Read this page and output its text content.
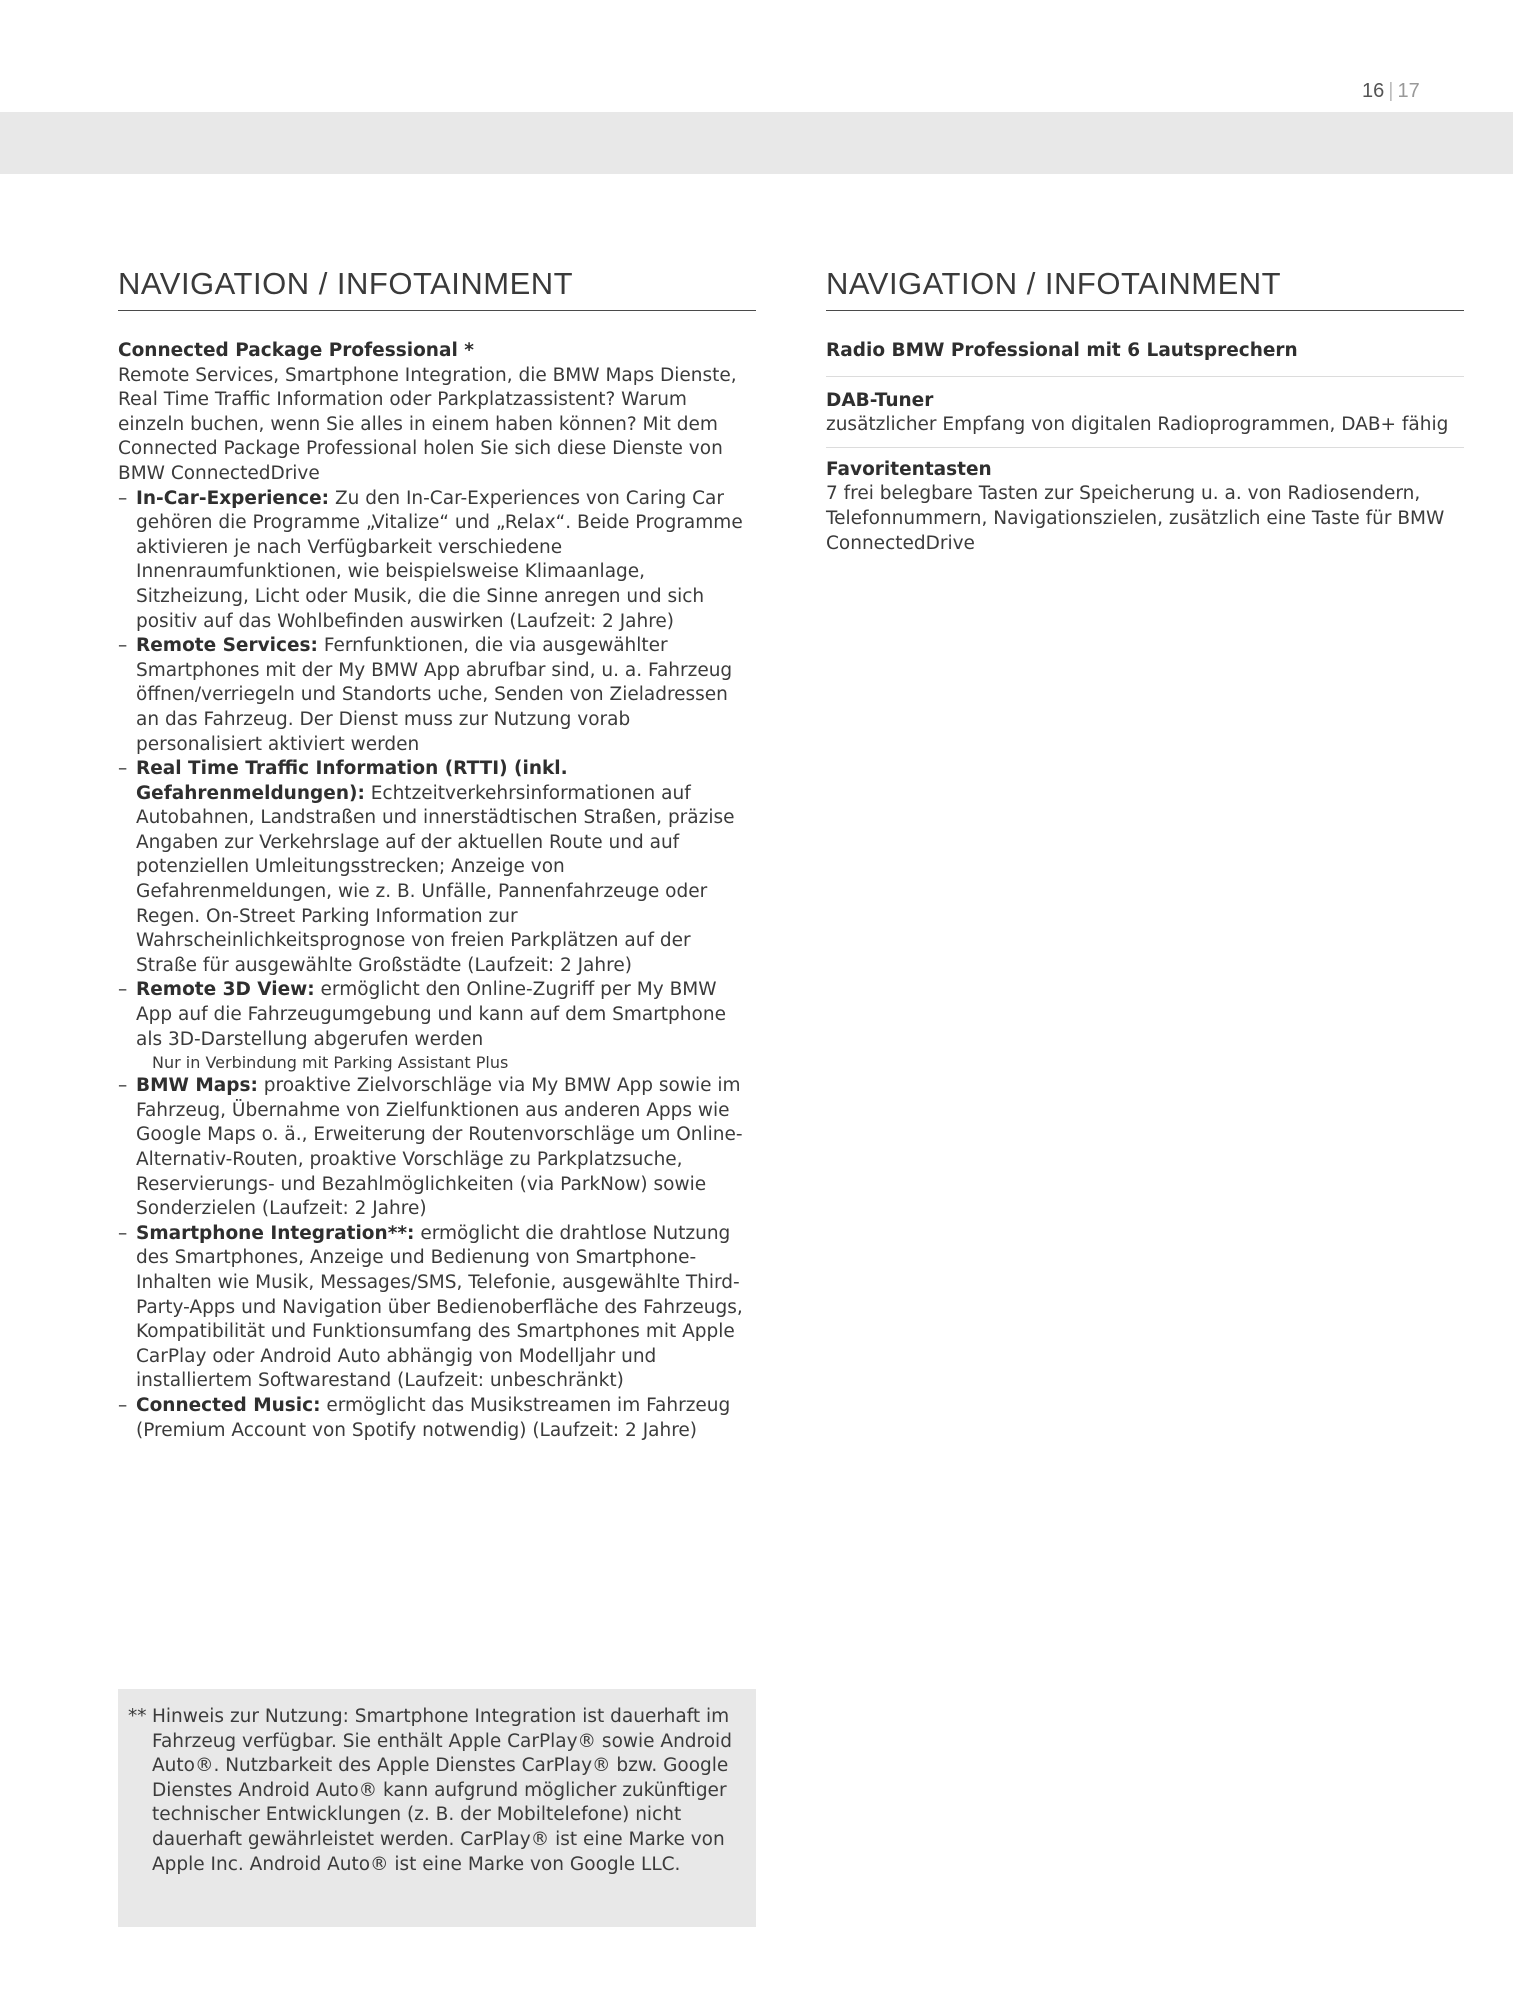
16 | 17
NAVIGATION / INFOTAINMENT
Connected Package Professional *
Remote Services, Smartphone Integration, die BMW Maps Dienste, Real Time Traffic Information oder Parkplatzassistent? Warum einzeln buchen, wenn Sie alles in einem haben können? Mit dem Connected Package Professional holen Sie sich diese Dienste von BMW ConnectedDrive
– In-Car-Experience: Zu den In-Car-Experiences von Caring Car gehören die Programme „Vitalize“ und „Relax“. Beide Programme aktivieren je nach Verfügbarkeit verschiedene Innenraumfunktionen, wie beispielsweise Klimaanlage, Sitzheizung, Licht oder Musik, die die Sinne anregen und sich positiv auf das Wohlbefinden auswirken (Laufzeit: 2 Jahre)
– Remote Services: Fernfunktionen, die via ausgewählter Smartphones mit der My BMW App abrufbar sind, u. a. Fahrzeug öffnen/verriegeln und Standorts uche, Senden von Zieladressen an das Fahrzeug. Der Dienst muss zur Nutzung vorab personalisiert aktiviert werden
– Real Time Traffic Information (RTTI) (inkl. Gefahrenmeldungen): Echtzeitverkehrsinformationen auf Autobahnen, Landstraßen und innerstädtischen Straßen, präzise Angaben zur Verkehrslage auf der aktuellen Route und auf potenziellen Umleitungsstrecken; Anzeige von Gefahrenmeldungen, wie z. B. Unfälle, Pannenfahrzeuge oder Regen. On-Street Parking Information zur Wahrscheinlichkeitsprognose von freien Parkplätzen auf der Straße für ausgewählte Großstädte (Laufzeit: 2 Jahre)
– Remote 3D View: ermöglicht den Online-Zugriff per My BMW App auf die Fahrzeugumgebung und kann auf dem Smartphone als 3D-Darstellung abgerufen werden
Nur in Verbindung mit Parking Assistant Plus
– BMW Maps: proaktive Zielvorschläge via My BMW App sowie im Fahrzeug, Übernahme von Zielfunktionen aus anderen Apps wie Google Maps o. ä., Erweiterung der Routenvorschläge um Online-Alternativ-Routen, proaktive Vorschläge zu Parkplatzsuche, Reservierungs- und Bezahlmöglichkeiten (via ParkNow) sowie Sonderzielen (Laufzeit: 2 Jahre)
– Smartphone Integration**: ermöglicht die drahtlose Nutzung des Smartphones, Anzeige und Bedienung von Smartphone-Inhalten wie Musik, Messages/SMS, Telefonie, ausgewählte Third-Party-Apps und Navigation über Bedienoberfläche des Fahrzeugs, Kompatibilität und Funktionsumfang des Smartphones mit Apple CarPlay oder Android Auto abhängig von Modelljahr und installiertem Softwarestand (Laufzeit: unbeschränkt)
– Connected Music: ermöglicht das Musikstreamen im Fahrzeug (Premium Account von Spotify notwendig) (Laufzeit: 2 Jahre)
NAVIGATION / INFOTAINMENT
Radio BMW Professional mit 6 Lautsprechern
DAB-Tuner
zusätzlicher Empfang von digitalen Radioprogrammen, DAB+ fähig
Favoritentasten
7 frei belegbare Tasten zur Speicherung u. a. von Radiosendern, Telefonnummern, Navigationszielen, zusätzlich eine Taste für BMW ConnectedDrive
** Hinweis zur Nutzung: Smartphone Integration ist dauerhaft im Fahrzeug verfügbar. Sie enthält Apple CarPlay® sowie Android Auto®. Nutzbarkeit des Apple Dienstes CarPlay® bzw. Google Dienstes Android Auto® kann aufgrund möglicher zukünftiger technischer Entwicklungen (z. B. der Mobiltelefone) nicht dauerhaft gewährleistet werden. CarPlay® ist eine Marke von Apple Inc. Android Auto® ist eine Marke von Google LLC.
